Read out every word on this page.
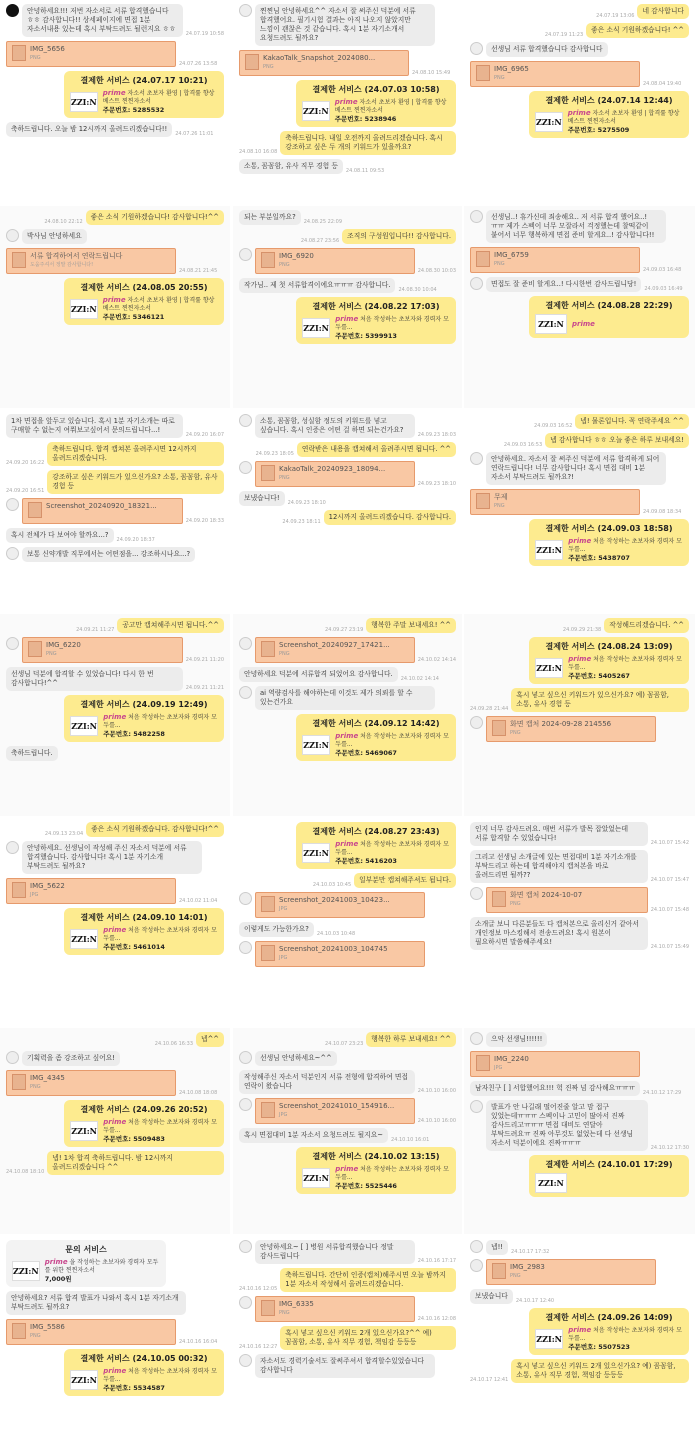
안녕하세요!!! 저번 자소서로 서류 합격했습니다 ㅎㅎ 감사합니다!! 상세페이지에 면접 1분 자소서내용 있는데 혹시 부탁드려도 될런지요 ㅎㅎ
24.07.19 10:58
IMG_5656
PNG
24.07.26 13:58
결제한 서비스 (24.07.17 10:21)
ZZI:N
prime 자소서 초보자 환영 | 합격률 향상 베스트 찐찐자소서
주문번호: 5285532
축하드립니다. 오늘 밤 12시까지 올려드리겠습니다!!
24.07.26 11:01
찐찐님 안녕하세요^^ 자소서 잘 써주신 덕분에 서류 합격했어요. 필기시험 결과는 아직 나오지 않았지만 느낌이 괜찮은 것 같습니다. 혹시 1분 자기소개서 요청드려도 될까요?
KakaoTalk_Snapshot_2024080...
PNG
24.08.10 15:49
결제한 서비스 (24.07.03 10:58)
ZZI:N
prime 자소서 초보자 환영 | 합격률 향상 베스트 찐찐자소서
주문번호: 5238946
24.08.10 16:08
축하드립니다. 내일 오전까지 올려드리겠습니다. 혹시 강조하고 싶은 두 개의 키워드가 있을까요?
소통, 꼼꼼함, 유사 직무 경험 등
24.08.11 09:53
24.07.19 13:06
네 감사합니다
24.07.19 11:23
좋은 소식 기원하겠습니다! ^^
선생님 서류 합격했습니다 감사합니다
IMG_6965
PNG
24.08.04 19:40
결제한 서비스 (24.07.14 12:44)
ZZI:N
prime 자소서 초보자 환영 | 합격률 향상 베스트 찐찐자소서
주문번호: 5275509
24.08.10 22:12
좋은 소식 기원하겠습니다! 감사합니다!^^
박사님 안녕하세요
서류 합격하여서 연락드립니다
도움주셔서 정말 감사합니다!
24.08.21 21:45
결제한 서비스 (24.08.05 20:55)
ZZI:N
prime 자소서 초보자 환영 | 합격률 향상 베스트 찐찐자소서
주문번호: 5346121
되는 부분일까요?
24.08.25 22:09
24.08.27 23:56
조직의 구성원입니다!! 감사합니다.
IMG_6920
PNG
24.08.30 10:03
작가님.. 제 첫 서류합격이에요ㅠㅠㅠ 감사합니다.
24.08.30 10:04
결제한 서비스 (24.08.22 17:03)
ZZI:N
prime 처음 작성하는 초보자와 경력자 모두를...
주문번호: 5399913
선생님..! 휴가신데 죄송해요.. 저 서류 합격 했어요..! ㅠㅠ 제가 스펙이 너무 모잘라서 걱정했는데 찰떡같이 붙어서 너무 행복하게 면접 준비 할게요..! 감사합니다!!
IMG_6759
PNG
24.09.03 16:48
면접도 잘 준비 할게요..! 다시한번 감사드립니당!
24.09.03 16:49
결제한 서비스 (24.08.28 22:29)
ZZI:N	prime
1차 면접을 앞두고 있습니다. 혹시 1분 자기소개는 따로 구매할 수 없는지 여쭤보고싶어서 문의드립니다...!
24.09.20 16:07
24.09.20 16:22
축하드립니다. 합격 캡쳐본 올려주시면 12시까지 올려드리겠습니다.
24.09.20 16:51
강조하고 싶은 키워드가 있으신가요? 소통, 꼼꼼함, 유사 경험 등
Screenshot_20240920_18321...
24.09.20 18:33
혹시 전체가 다 보여야 할까요...?
24.09.20 18:37
보통 신약개발 직무에서는 어떤점을... 강조하시나요...?
소통, 꼼꼼함, 성실함 정도의 키워드를 넣고 싶습니다. 혹시 인증은 어떤 걸 하면 되는건가요?
24.09.23 18:03
24.09.23 18:05
연락받은 내용을 캡쳐해서 올려주시면 됩니다. ^^
KakaoTalk_20240923_18094...
PNG
24.09.23 18:10
보냈습니다!
24.09.23 18:10
24.09.23 18:11
12시까지 올려드리겠습니다. 감사합니다.
24.09.03 16:52
넵! 물론입니다. 꼭 연락주세요 ^^
24.09.03 16:53
넵 감사합니다 ㅎㅎ 오늘 좋은 하루 보내세요!
안녕하세요. 자소서 잘 써주신 덕분에 서류 합격하게 되어 연락드립니다! 너무 감사합니다! 혹시 면접 대비 1분 자소서 부탁드려도 될까요?!
무제
PNG
24.09.08 18:34
결제한 서비스 (24.09.03 18:58)
ZZI:N
prime 처음 작성하는 초보자와 경력자 모두를...
주문번호: 5438707
24.09.21 11:27
공고만 캡쳐해주시면 됩니다.^^
IMG_6220
PNG
24.09.21 11:20
선생님 덕분에 합격할 수 있었습니다! 다시 한 번 감사합니다!^^
24.09.21 11:21
결제한 서비스 (24.09.19 12:49)
ZZI:N
prime 처음 작성하는 초보자와 경력자 모두를...
주문번호: 5482258
축하드립니다.
24.09.27 23:19
행복한 주말 보내세요! ^^
Screenshot_20240927_17421...
PNG
24.10.02 14:14
안녕하세요 덕분에 서류합격 되었어요 감사합니다.
24.10.02 14:14
ai 역량검사를 해야하는데 이것도 제가 의뢰를 할 수 있는건가요
결제한 서비스 (24.09.12 14:42)
ZZI:N
prime 처음 작성하는 초보자와 경력자 모두를...
주문번호: 5469067
24.09.29 21:38
작성해드리겠습니다. ^^
결제한 서비스 (24.08.24 13:09)
ZZI:N
prime 처음 작성하는 초보자와 경력자 모두를...
주문번호: 5405267
24.09.28 21:44
혹시 넣고 싶으신 키워드가 있으신가요? 예) 꼼꼼함, 소통, 유사 경험 등
화면 캡처 2024-09-28 214556
PNG
24.09.13 23:04
좋은 소식 기원하겠습니다. 감사합니다!^^
안녕하세요. 선생님이 작성해 주신 자소서 덕분에 서류 합격했습니다. 감사합니다! 혹시 1분 자기소개 부탁드려도 될까요?
IMG_5622
JPG
24.10.02 11:04
결제한 서비스 (24.09.10 14:01)
ZZI:N
prime 처음 작성하는 초보자와 경력자 모두를...
주문번호: 5461014
결제한 서비스 (24.08.27 23:43)
ZZI:N
prime 처음 작성하는 초보자와 경력자 모두를...
주문번호: 5416203
24.10.03 10:45
일부분만 캡쳐해주셔도 됩니다.
Screenshot_20241003_10423...
JPG
이렇게도 가능한가요?
24.10.03 10:48
Screenshot_20241003_104745
JPG
인지 너무 감사드려요. 매번 서류가 발목 잡았었는데 서류 합격할 수 있었습니다!
24.10.07 15:42
그리고 선생님 소개글에 있는 면접대비 1분 자기소개를 부탁드리고 하는데 합격해야지 캡처본을 바로 올려드리면 될까??
24.10.07 15:47
화면 캡처 2024-10-07
PNG
24.10.07 15:48
소개글 보니 다른분들도 다 캡처본으로 올리신거 같아서 개인정보 마스킹해서 전송드려요! 혹시 원본이 필요하시면 말씀해주세요!
24.10.07 15:49
24.10.06 16:33
넵^^
기획력을 좀 강조하고 싶어요!
IMG_4345
PNG
24.10.08 18:08
결제한 서비스 (24.09.26 20:52)
ZZI:N
prime 처음 작성하는 초보자와 경력자 모두를...
주문번호: 5509483
24.10.08 18:10
넵! 1차 합격 축하드립니다. 밤 12시까지 올려드리겠습니다 ^^
24.10.07 23:23
행복한 하루 보내세요! ^^
선생님 안녕하세요~^^
작성해주신 자소서 덕분인지 서류 전형에 합격하여 면접 연락이 왔습니다
24.10.10 16:00
Screenshot_20241010_154916...
JPG
24.10.10 16:00
혹시 면접대비 1분 자소서 요청드려도 될지요~
24.10.10 16:01
결제한 서비스 (24.10.02 13:15)
ZZI:N
prime 처음 작성하는 초보자와 경력자 모두를...
주문번호: 5525446
으악 선생님!!!!!!
IMG_2240
JPG
남자친구 [ ] 서합했어요!!! 헉 진짜 넘 감사해요ㅠㅠㅠ
24.10.12 17:29
발표가 안 나길래 떨어진줄 알고 맘 접구 있었는데ㅠㅠㅠ 스펙이나 고민이 많아서 진짜 감사드리고ㅠㅠㅠ 면접 대비도 연달아 부탁드려요ㅠ 진짜 아무것도 없었는데 다 선생님 자소서 덕분이에요 진짜ㅠㅠㅠ
24.10.12 17:30
결제한 서비스 (24.10.01 17:29)
ZZI:N
문의 서비스
ZZI:N
prime 을 작성하는 초보자와 경력자 모두를 위한 찐찐자소서
7,000원
안녕하세요? 서류 합격 발표가 나와서 혹시 1분 자기소개 부탁드려도 될까요?
IMG_5586
PNG
24.10.16 16:04
결제한 서비스 (24.10.05 00:32)
ZZI:N
prime 처음 작성하는 초보자와 경력자 모두를...
주문번호: 5534587
안녕하세요~ [ ] 병원 서류합격했습니다 정말 감사드립니다
24.10.16 17:17
24.10.16 12:05
축하드립니다. 간단히 인증(캡처)해주시면 오늘 밤까지 1분 자소서 작성해서 올려드리겠습니다.
IMG_6335
PNG
24.10.16 12:08
24.10.16 12:27
혹시 넣고 싶으신 키워드 2개 있으신가요?^^ 예) 꼼꼼함, 소통, 유사 직무 경험, 책임감 등등등
자소서도 경력기술서도 잘써주셔서 합격할수있었습니다 감사합니다
넵!!
24.10.17 17:32
IMG_2983
PNG
보냈습니다
24.10.17 12:40
결제한 서비스 (24.09.26 14:09)
ZZI:N
prime 처음 작성하는 초보자와 경력자 모두를...
주문번호: 5507523
24.10.17 12:41
혹시 넣고 싶으신 키워드 2개 있으신가요? 예) 꼼꼼함, 소통, 유사 직무 경험, 책임감 등등등
